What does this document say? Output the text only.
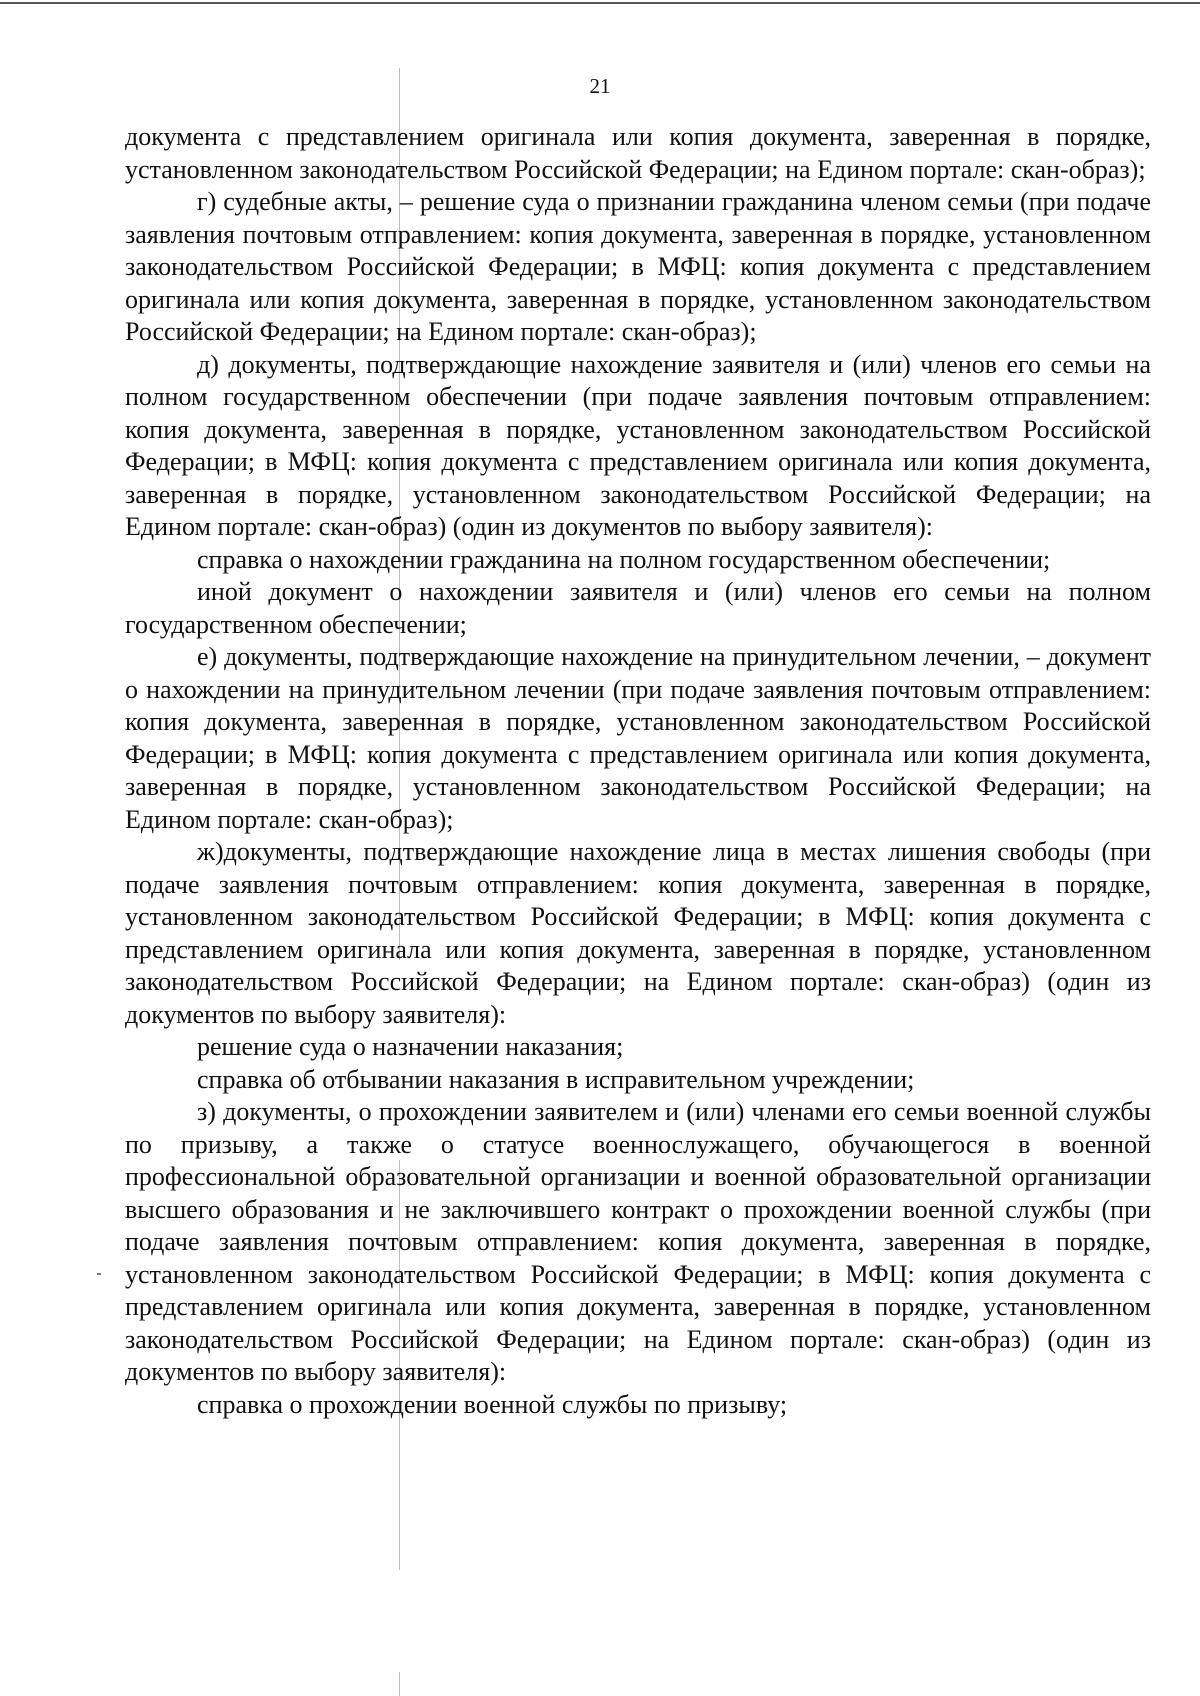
21

документа с представлением оригинала или копия документа, заверенная в порядке, установленном законодательством Российской Федерации; на Едином портале: скан-образ);

г) судебные акты, – решение суда о признании гражданина членом семьи (при подаче заявления почтовым отправлением: копия документа, заверенная в порядке, установленном законодательством Российской Федерации; в МФЦ: копия документа с представлением оригинала или копия документа, заверенная в порядке, установленном законодательством Российской Федерации; на Едином портале: скан-образ);

д) документы, подтверждающие нахождение заявителя и (или) членов его семьи на полном государственном обеспечении (при подаче заявления почтовым отправлением: копия документа, заверенная в порядке, установленном законодательством Российской Федерации; в МФЦ: копия документа с представлением оригинала или копия документа, заверенная в порядке, установленном законодательством Российской Федерации; на Едином портале: скан-образ) (один из документов по выбору заявителя):

справка о нахождении гражданина на полном государственном обеспечении;

иной документ о нахождении заявителя и (или) членов его семьи на полном государственном обеспечении;

е) документы, подтверждающие нахождение на принудительном лечении, – документ о нахождении на принудительном лечении (при подаче заявления почтовым отправлением: копия документа, заверенная в порядке, установленном законодательством Российской Федерации; в МФЦ: копия документа с представлением оригинала или копия документа, заверенная в порядке, установленном законодательством Российской Федерации; на Едином портале: скан-образ);

ж)документы, подтверждающие нахождение лица в местах лишения свободы (при подаче заявления почтовым отправлением: копия документа, заверенная в порядке, установленном законодательством Российской Федерации; в МФЦ: копия документа с представлением оригинала или копия документа, заверенная в порядке, установленном законодательством Российской Федерации; на Едином портале: скан-образ) (один из документов по выбору заявителя):

решение суда о назначении наказания;

справка об отбывании наказания в исправительном учреждении;

з) документы, о прохождении заявителем и (или) членами его семьи военной службы по призыву, а также о статусе военнослужащего, обучающегося в военной профессиональной образовательной организации и военной образовательной организации высшего образования и не заключившего контракт о прохождении военной службы (при подаче заявления почтовым отправлением: копия документа, заверенная в порядке, установленном законодательством Российской Федерации; в МФЦ: копия документа с представлением оригинала или копия документа, заверенная в порядке, установленном законодательством Российской Федерации; на Едином портале: скан-образ) (один из документов по выбору заявителя):

справка о прохождении военной службы по призыву;
